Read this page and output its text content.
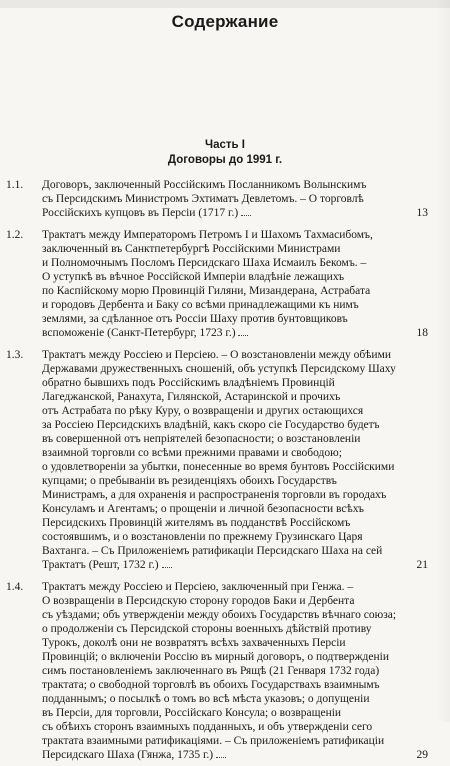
Содержание
Часть I
Договоры до 1991 г.
1.1. Договоръ, заключенный Россiйскимъ Посланникомъ Волынскимъ
съ Персидскимъ Министромъ Эхтиматъ Девлетомъ. – О торговлѣ
Россiйскихъ купцовъ въ Персiи (1717 г.)	13
1.2. Трактатъ между Императоромъ Петромъ I и Шахомъ Тахмасибомъ,
заключенный въ Санктпетербургѣ Россiйскими Министрами
и Полномочнымъ Посломъ Персидскаго Шаха Исмаилъ Бекомъ. –
О уступкѣ въ вѣчное Россiйской Имперiи владѣнiе лежащихъ
по Каспiйскому морю Провинцiй Гиляни, Мизандерана, Астрабата
и городовъ Дербента и Баку со всѣми принадлежащими къ нимъ
землями, за сдѣланное отъ Россiи Шаху против бунтовщиковъ
вспоможенiе (Санкт-Петербург, 1723 г.)	18
1.3. Трактатъ между Россiею и Персiею. – О возстановленiи между обѣими
Державами дружественныхъ сношенiй, объ уступкѣ Персидскому Шаху
обратно бывшихъ подъ Россiйскимъ владѣнiемъ Провинцiй
Лагеджанской, Ранахута, Гилянской, Астаринской и прочихъ
отъ Астрабата по рѣку Куру, о возвращенiи и других остающихся
за Россiею Персидскихъ владѣнiй, какъ скоро сiе Государство будетъ
въ совершенной отъ непрiятелей безопасности; о возстановленiи
взаимной торговли со всѣми прежними правами и свободою;
о удовлетворенiи за убытки, понесенные во время бунтовъ Россiйскими
купцами; о пребыванiи въ резиденцiяхъ обоихъ Государствъ
Министрамъ, а для охраненiя и распространенiя торговли въ городахъ
Консуламъ и Агентамъ; о прощенiи и личной безопасности всѣхъ
Персидскихъ Провинцiй жителямъ въ подданствѣ Россiйскомъ
состоявшимъ, и о возстановленiи по прежнему Грузинскаго Царя
Вахтанга. – Съ Приложенiемъ ратификацiи Персидскаго Шаха на сей
Трактатъ (Решт, 1732 г.)	21
1.4. Трактатъ между Россiею и Персiею, заключенный при Генжа. –
О возвращенiи в Персидскую сторону городов Баки и Дербента
съ уѣздами; объ утвержденiи между обоихъ Государствъ вѣчнаго союза;
о продолженiи съ Персидской стороны военныхъ дѣйствiй противу
Турокъ, доколѣ они не возвратятъ всѣхъ захваченныхъ Персiи
Провинцiй; о включенiи Россiю въ мирный договоръ, о подтвержденiи
симъ постановленiемъ заключеннаго въ Рящѣ (21 Генваря 1732 года)
трактата; о свободной торговлѣ въ обоихъ Государствахъ взаимнымъ
подданнымъ; о посылкѣ о томъ во всѣ мѣста указовъ; о допущенiи
въ Персiи, для торговли, Россiйскаго Консула; о возвращенiи
съ обѣихъ сторонъ взаимныхъ подданныхъ, и объ утвержденiи сего
трактата взаимными ратификацiями. – Съ приложенiемъ ратификацiи
Персидскаго Шаха (Гянжа, 1735 г.)	29
